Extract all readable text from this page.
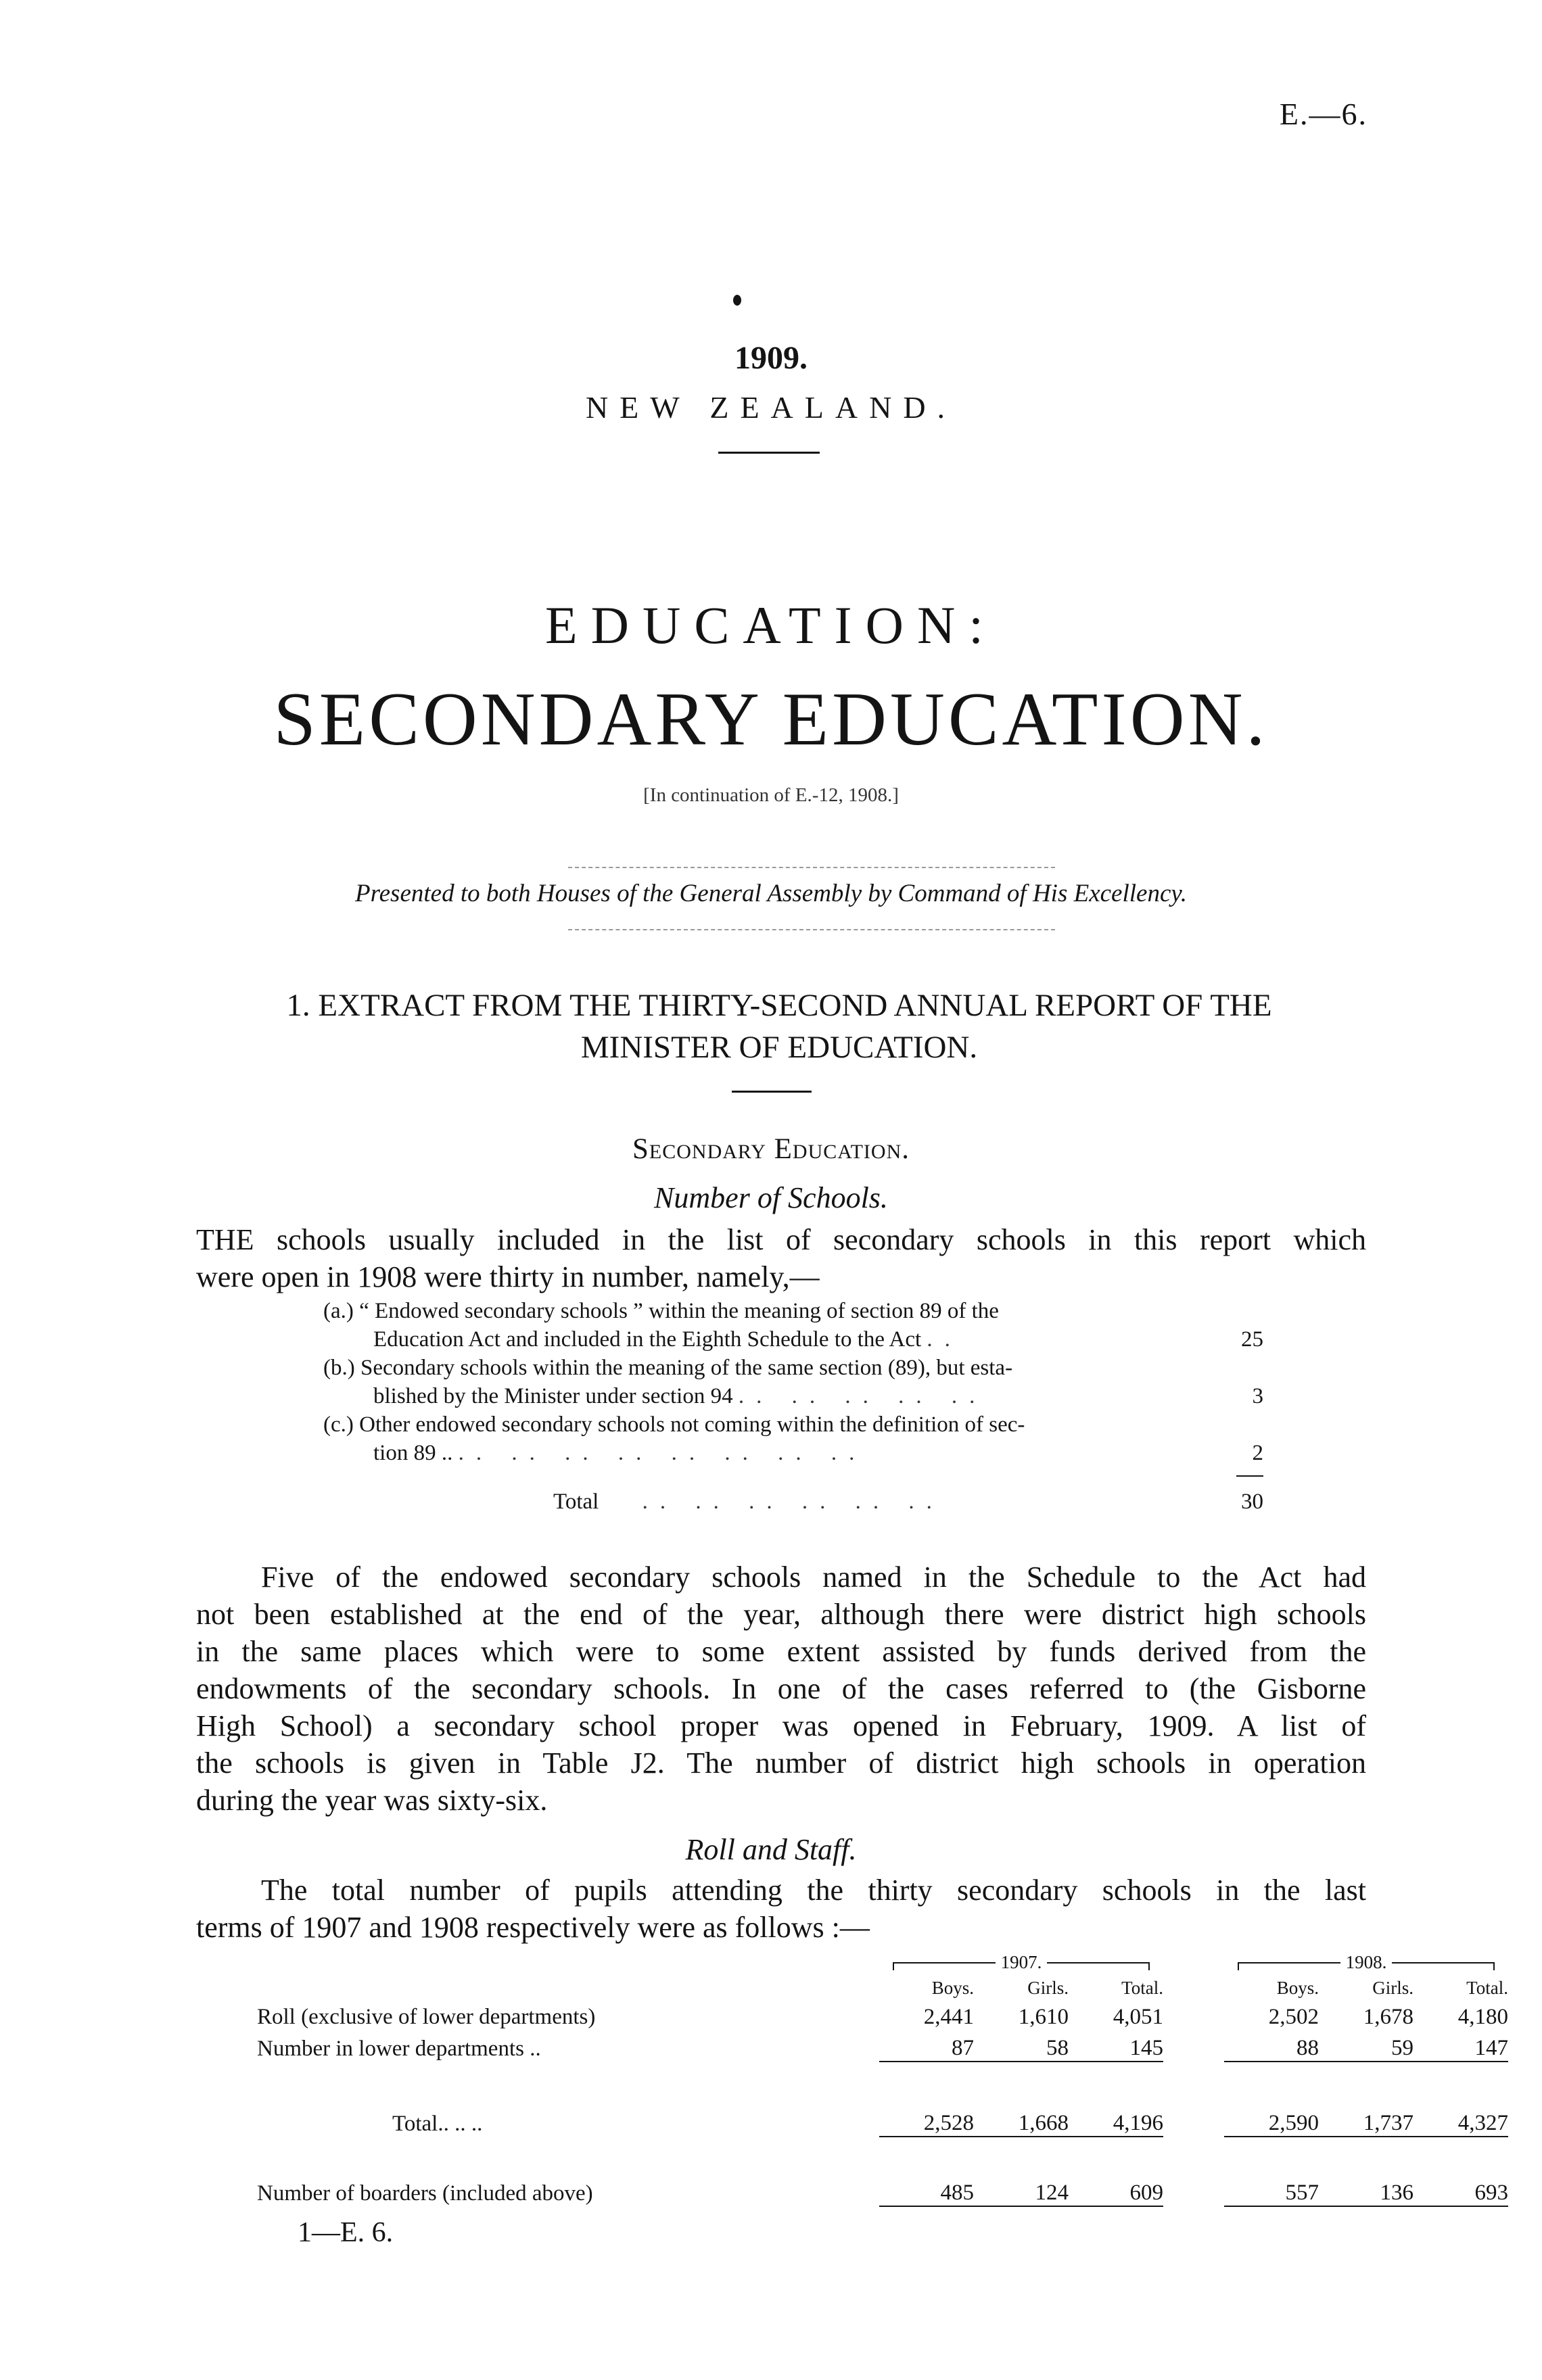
E.—6.
1909.
NEW ZEALAND.
EDUCATION:
SECONDARY EDUCATION.
[In continuation of E.-12, 1908.]
Presented to both Houses of the General Assembly by Command of His Excellency.
1. EXTRACT FROM THE THIRTY-SECOND ANNUAL REPORT OF THE
MINISTER OF EDUCATION.
Secondary Education.
Number of Schools.
THE schools usually included in the list of secondary schools in this report which
were open in 1908 were thirty in number, namely,—
(a.) “ Endowed secondary schools ” within the meaning of section 89 of the
Education Act and included in the Eighth Schedule to the Act ..	25
(b.) Secondary schools within the meaning of the same section (89), but esta-
blished by the Minister under section 94 .. .. .. .. ..	3
(c.) Other endowed secondary schools not coming within the definition of sec-
tion 89 .. .. .. .. .. .. .. .. ..	2
Total .. .. .. .. .. ..	30
Five of the endowed secondary schools named in the Schedule to the Act had
not been established at the end of the year, although there were district high schools
in the same places which were to some extent assisted by funds derived from the
endowments of the secondary schools. In one of the cases referred to (the Gisborne
High School) a secondary school proper was opened in February, 1909. A list of
the schools is given in Table J2. The number of district high schools in operation
during the year was sixty-six.
Roll and Staff.
The total number of pupils attending the thirty secondary schools in the last
terms of 1907 and 1908 respectively were as follows :—

1907.				1908.		
	Boys.	Girls.	Total.		Boys.	Girls.	Total.
Roll (exclusive of lower departments)	2,441	1,610	4,051		2,502	1,678	4,180
Number in lower departments ..	87	58	145		88	59	147

Total.. .. ..	2,528	1,668	4,196		2,590	1,737	4,327

Number of boarders (included above)	485	124	609		557	136	693

1—E. 6.
